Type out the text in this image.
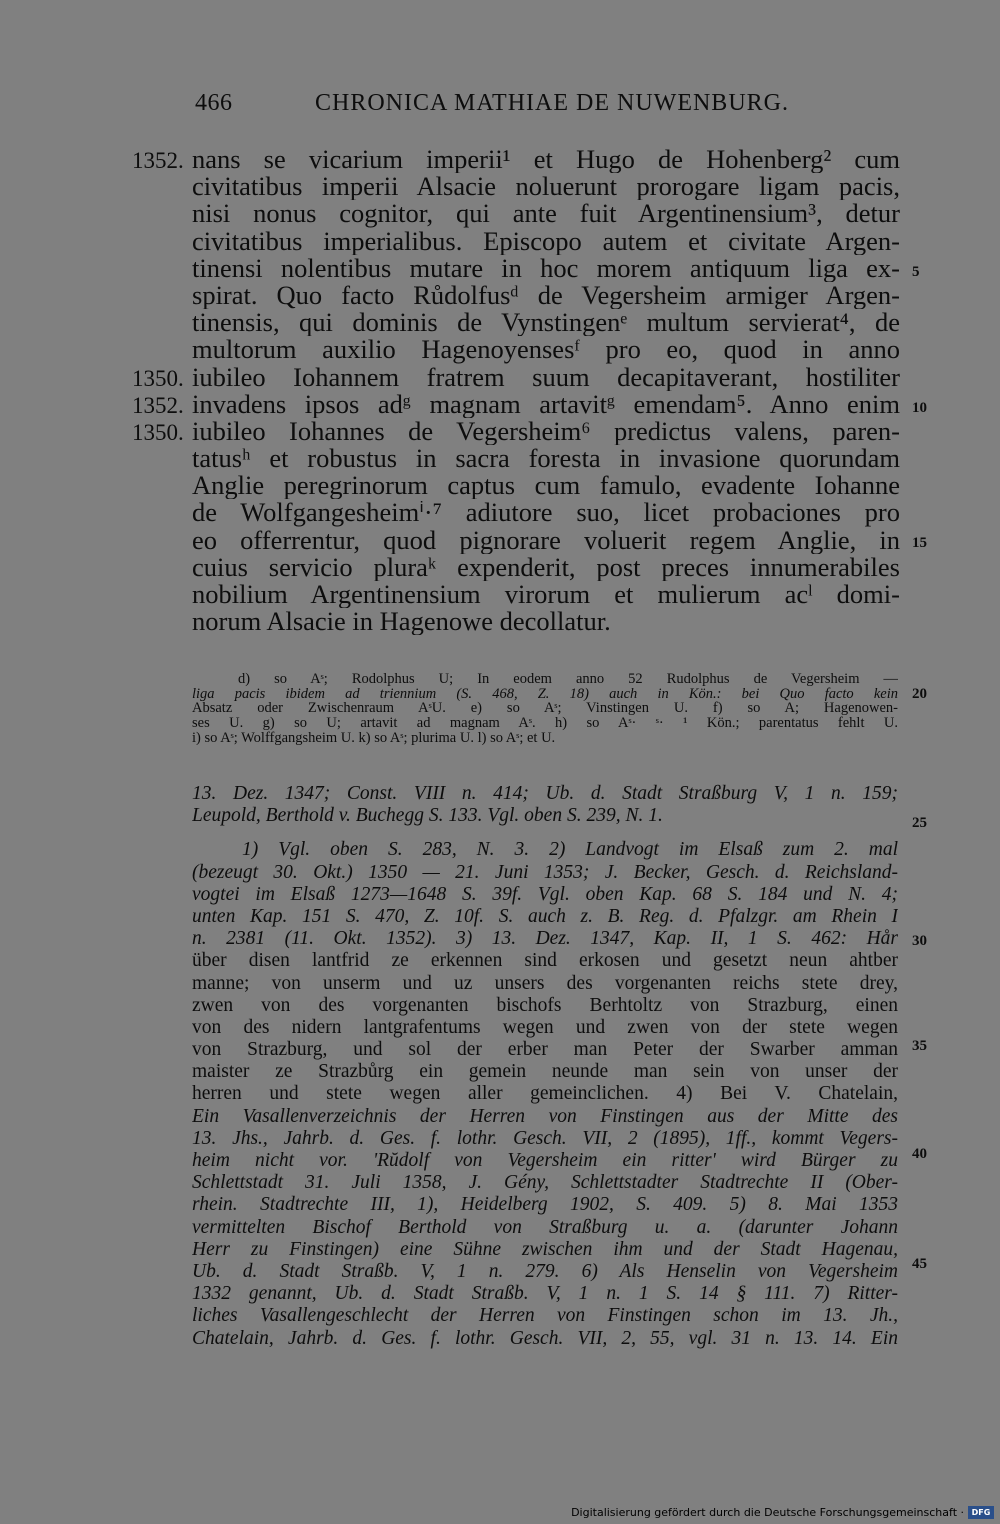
466	CHRONICA MATHIAE DE NUWENBURG.
nans se vicarium imperii¹ et Hugo de Hohenberg² cum
civitatibus imperii Alsacie noluerunt prorogare ligam pacis,
nisi nonus cognitor, qui ante fuit Argentinensium³, detur
civitatibus imperialibus. Episcopo autem et civitate Argen-
tinensi nolentibus mutare in hoc morem antiquum liga ex-
spirat. Quo facto Růdolfusᵈ de Vegersheim armiger Argen-
tinensis, qui dominis de Vynstingenᵉ multum servierat⁴, de
multorum auxilio Hagenoyensesᶠ pro eo, quod in anno
iubileo Iohannem fratrem suum decapitaverant, hostiliter
invadens ipsos adᵍ magnam artavitᵍ emendam⁵. Anno enim
iubileo Iohannes de Vegersheim⁶ predictus valens, paren-
tatusʰ et robustus in sacra foresta in invasione quorundam
Anglie peregrinorum captus cum famulo, evadente Iohanne
de Wolfgangesheimⁱ·⁷ adiutore suo, licet probaciones pro
eo offerrentur, quod pignorare voluerit regem Anglie, in
cuius servicio pluraᵏ expenderit, post preces innumerabiles
nobilium Argentinensium virorum et mulierum acˡ domi-
norum Alsacie in Hagenowe decollatur.
1352.
1350.
1352.
1350.
5
10
15
d) so Aˢ; Rodolphus U; In eodem anno 52 Rudolphus de Vegersheim —
liga pacis ibidem ad triennium (S. 468, Z. 18) auch in Kön.: bei Quo facto kein
Absatz oder Zwischenraum AˢU. e) so Aˢ; Vinstingen U. f) so A; Hagenowen-
ses U. g) so U; artavit ad magnam Aˢ. h) so Aˢ· ˢ· ¹ Kön.; parentatus fehlt U.
i) so Aˢ; Wolffgangsheim U. k) so Aˢ; plurima U. l) so Aˢ; et U.
20
13. Dez. 1347; Const. VIII n. 414; Ub. d. Stadt Straßburg V, 1 n. 159;
Leupold, Berthold v. Buchegg S. 133. Vgl. oben S. 239, N. 1.
1) Vgl. oben S. 283, N. 3. 2) Landvogt im Elsaß zum 2. mal
(bezeugt 30. Okt.) 1350 — 21. Juni 1353; J. Becker, Gesch. d. Reichsland-
vogtei im Elsaß 1273—1648 S. 39f. Vgl. oben Kap. 68 S. 184 und N. 4;
unten Kap. 151 S. 470, Z. 10f. S. auch z. B. Reg. d. Pfalzgr. am Rhein I
n. 2381 (11. Okt. 1352). 3) 13. Dez. 1347, Kap. II, 1 S. 462: Hår
über disen lantfrid ze erkennen sind erkosen und gesetzt neun ahtber
manne; von unserm und uz unsers des vorgenanten reichs stete drey,
zwen von des vorgenanten bischofs Berhtoltz von Strazburg, einen
von des nidern lantgrafentums wegen und zwen von der stete wegen
von Strazburg, und sol der erber man Peter der Swarber amman
maister ze Strazbůrg ein gemein neunde man sein von unser der
herren und stete wegen aller gemeinclichen. 4) Bei V. Chatelain,
Ein Vasallenverzeichnis der Herren von Finstingen aus der Mitte des
13. Jhs., Jahrb. d. Ges. f. lothr. Gesch. VII, 2 (1895), 1ff., kommt Vegers-
heim nicht vor. 'Rŭdolf von Vegersheim ein ritter' wird Bürger zu
Schlettstadt 31. Juli 1358, J. Gény, Schlettstadter Stadtrechte II (Ober-
rhein. Stadtrechte III, 1), Heidelberg 1902, S. 409. 5) 8. Mai 1353
vermittelten Bischof Berthold von Straßburg u. a. (darunter Johann
Herr zu Finstingen) eine Sühne zwischen ihm und der Stadt Hagenau,
Ub. d. Stadt Straßb. V, 1 n. 279. 6) Als Henselin von Vegersheim
1332 genannt, Ub. d. Stadt Straßb. V, 1 n. 1 S. 14 § 111. 7) Ritter-
liches Vasallengeschlecht der Herren von Finstingen schon im 13. Jh.,
Chatelain, Jahrb. d. Ges. f. lothr. Gesch. VII, 2, 55, vgl. 31 n. 13. 14. Ein
25
30
35
40
45
Digitalisierung gefördert durch die Deutsche Forschungsgemeinschaft · DFG
